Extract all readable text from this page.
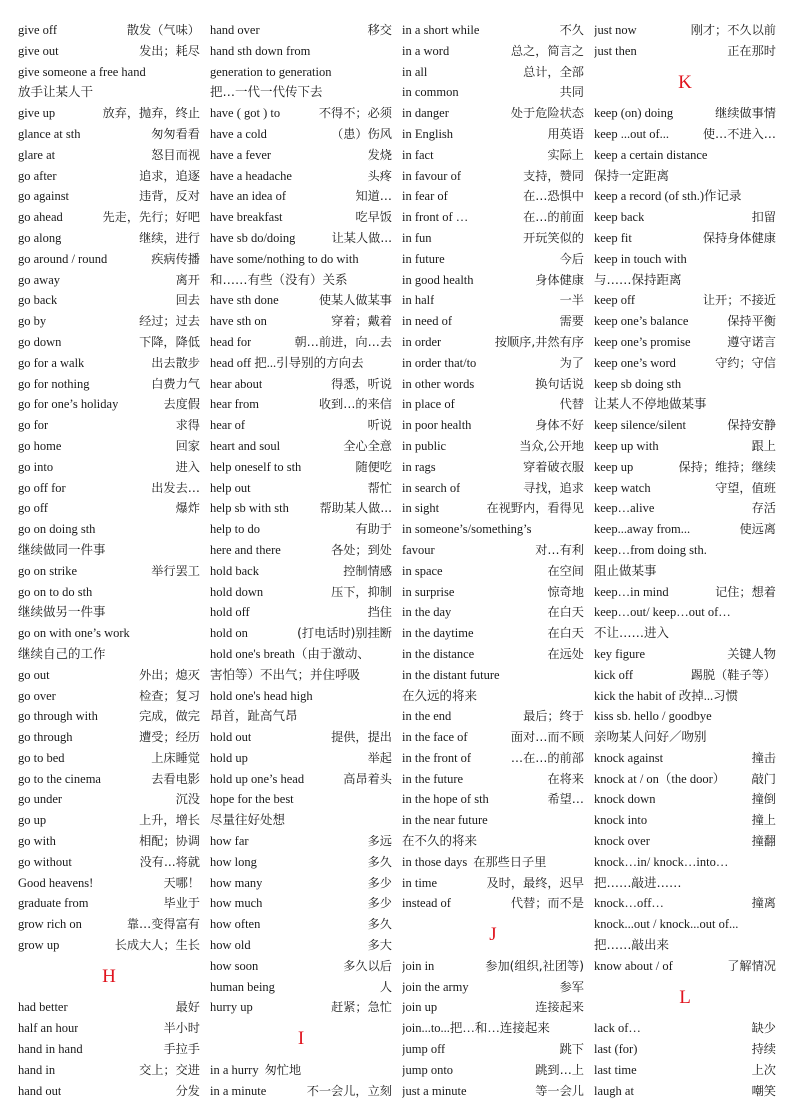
give off	散发（气味）
give out	发出；耗尽
give someone a free hand
放手让某人干
give up	放弃，抛弃，终止
glance at sth	匆匆看看
glare at	怒目而视
go after	追求，追逐
go against	违背，反对
go ahead	先走，先行；好吧
go along	继续，进行
go around / round	疾病传播
go away	离开
go back	回去
go by	经过；过去
go down	下降，降低
go for a walk	出去散步
go for nothing	白费力气
go for one’s holiday	去度假
go for	求得
go home	回家
go into	进入
go off for	出发去…
go off	爆炸
go on doing sth
继续做同一件事
go on strike	举行罢工
go on to do sth
继续做另一件事
go on with one’s work
继续自己的工作
go out	外出；熄灭
go over	检查；复习
go through with	完成，做完
go through	遭受；经历
go to bed	上床睡觉
go to the cinema	去看电影
go under	沉没
go up	上升，增长
go with	相配；协调
go without	没有...将就
Good heavens!	天哪！
graduate from	毕业于
grow rich on	靠…变得富有
grow up	长成大人；生长
H
had better	最好
half an hour	半小时
hand in hand	手拉手
hand in	交上；交进
hand out	分发
hand over	移交
hand sth down from
generation to generation
把…一代一代传下去
have ( got ) to	不得不；必须
have a cold	（患）伤风
have a fever	发烧
have a headache	头疼
have an idea of	知道…
have breakfast	吃早饭
have sb do/doing	让某人做...
have some/nothing to do with
和……有些（没有）关系
have sth done	使某人做某事
have sth on	穿着；戴着
head for	朝…前进，向…去
head off 把...引导别的方向去
hear about	得悉，听说
hear from	收到…的来信
hear of	听说
heart and soul	全心全意
help oneself to sth	随便吃
help out	帮忙
help sb with sth	帮助某人做...
help to do	有助于
here and there	各处；到处
hold back	控制情感
hold down	压下，抑制
hold off	挡住
hold on	(打电话时)别挂断
hold one's breath（由于激动、
害怕等）不出气；并住呼吸
hold one's head high
昂首，趾高气昂
hold out	提供，提出
hold up	举起
hold up one’s head	高昂着头
hope for the best
尽量往好处想
how far	多远
how long	多久
how many	多少
how much	多少
how often	多久
how old	多大
how soon	多久以后
human being	人
hurry up	赶紧；急忙
I
in a hurry 匆忙地
in a minute	不一会儿，立刻
in a short while	不久
in a word	总之，简言之
in all	总计，全部
in common	共同
in danger	处于危险状态
in English	用英语
in fact	实际上
in favour of	支持，赞同
in fear of	在…恐惧中
in front of …	在…的前面
in fun	开玩笑似的
in future	今后
in good health	身体健康
in half	一半
in need of	需要
in order	按顺序,井然有序
in order that/to	为了
in other words	换句话说
in place of	代替
in poor health	身体不好
in public	当众,公开地
in rags	穿着破衣服
in search of	寻找，追求
in sight	在视野内，看得见
in someone’s/something’s
favour	对…有利
in space	在空间
in surprise	惊奇地
in the day	在白天
in the daytime	在白天
in the distance	在远处
in the distant future
在久远的将来
in the end	最后；终于
in the face of	面对…而不顾
in the front of	…在…的前部
in the future	在将来
in the hope of sth	希望…
in the near future
在不久的将来
in those days 在那些日子里
in time	及时，最终，迟早
instead of	代替；而不是
J
join in	参加(组织,社团等)
join the army	参军
join up	连接起来
join...to...把…和…连接起来
jump off	跳下
jump onto	跳到…上
just a minute	等一会儿
just now	刚才；不久以前
just then	正在那时
K
keep (on) doing	继续做事情
keep ...out of...	使…不进入…
keep a certain distance
保持一定距离
keep a record (of sth.)作记录
keep back	扣留
keep fit	保持身体健康
keep in touch with
与……保持距离
keep off	让开；不接近
keep one’s balance	保持平衡
keep one’s promise	遵守诺言
keep one’s word	守约；守信
keep sb doing sth
让某人不停地做某事
keep silence/silent	保持安静
keep up with	跟上
keep up	保持；维持；继续
keep watch	守望，值班
keep…alive	存活
keep...away from...	使远离
keep…from doing sth.
阻止做某事
keep…in mind	记住；想着
keep…out/ keep…out of…
不让……进入
key figure	关键人物
kick off	踢脱（鞋子等）
kick the habit of 改掉...习惯
kiss sb. hello / goodbye
亲吻某人问好／吻别
knock against	撞击
knock at / on（the door） 敲门
knock down	撞倒
knock into	撞上
knock over	撞翻
knock…in/ knock…into…
把……敲进……
knock…off…	撞离
knock...out / knock...out of...
把……敲出来
know about / of	了解情况
L
lack of…	缺少
last (for)	持续
last time	上次
laugh at	嘲笑
